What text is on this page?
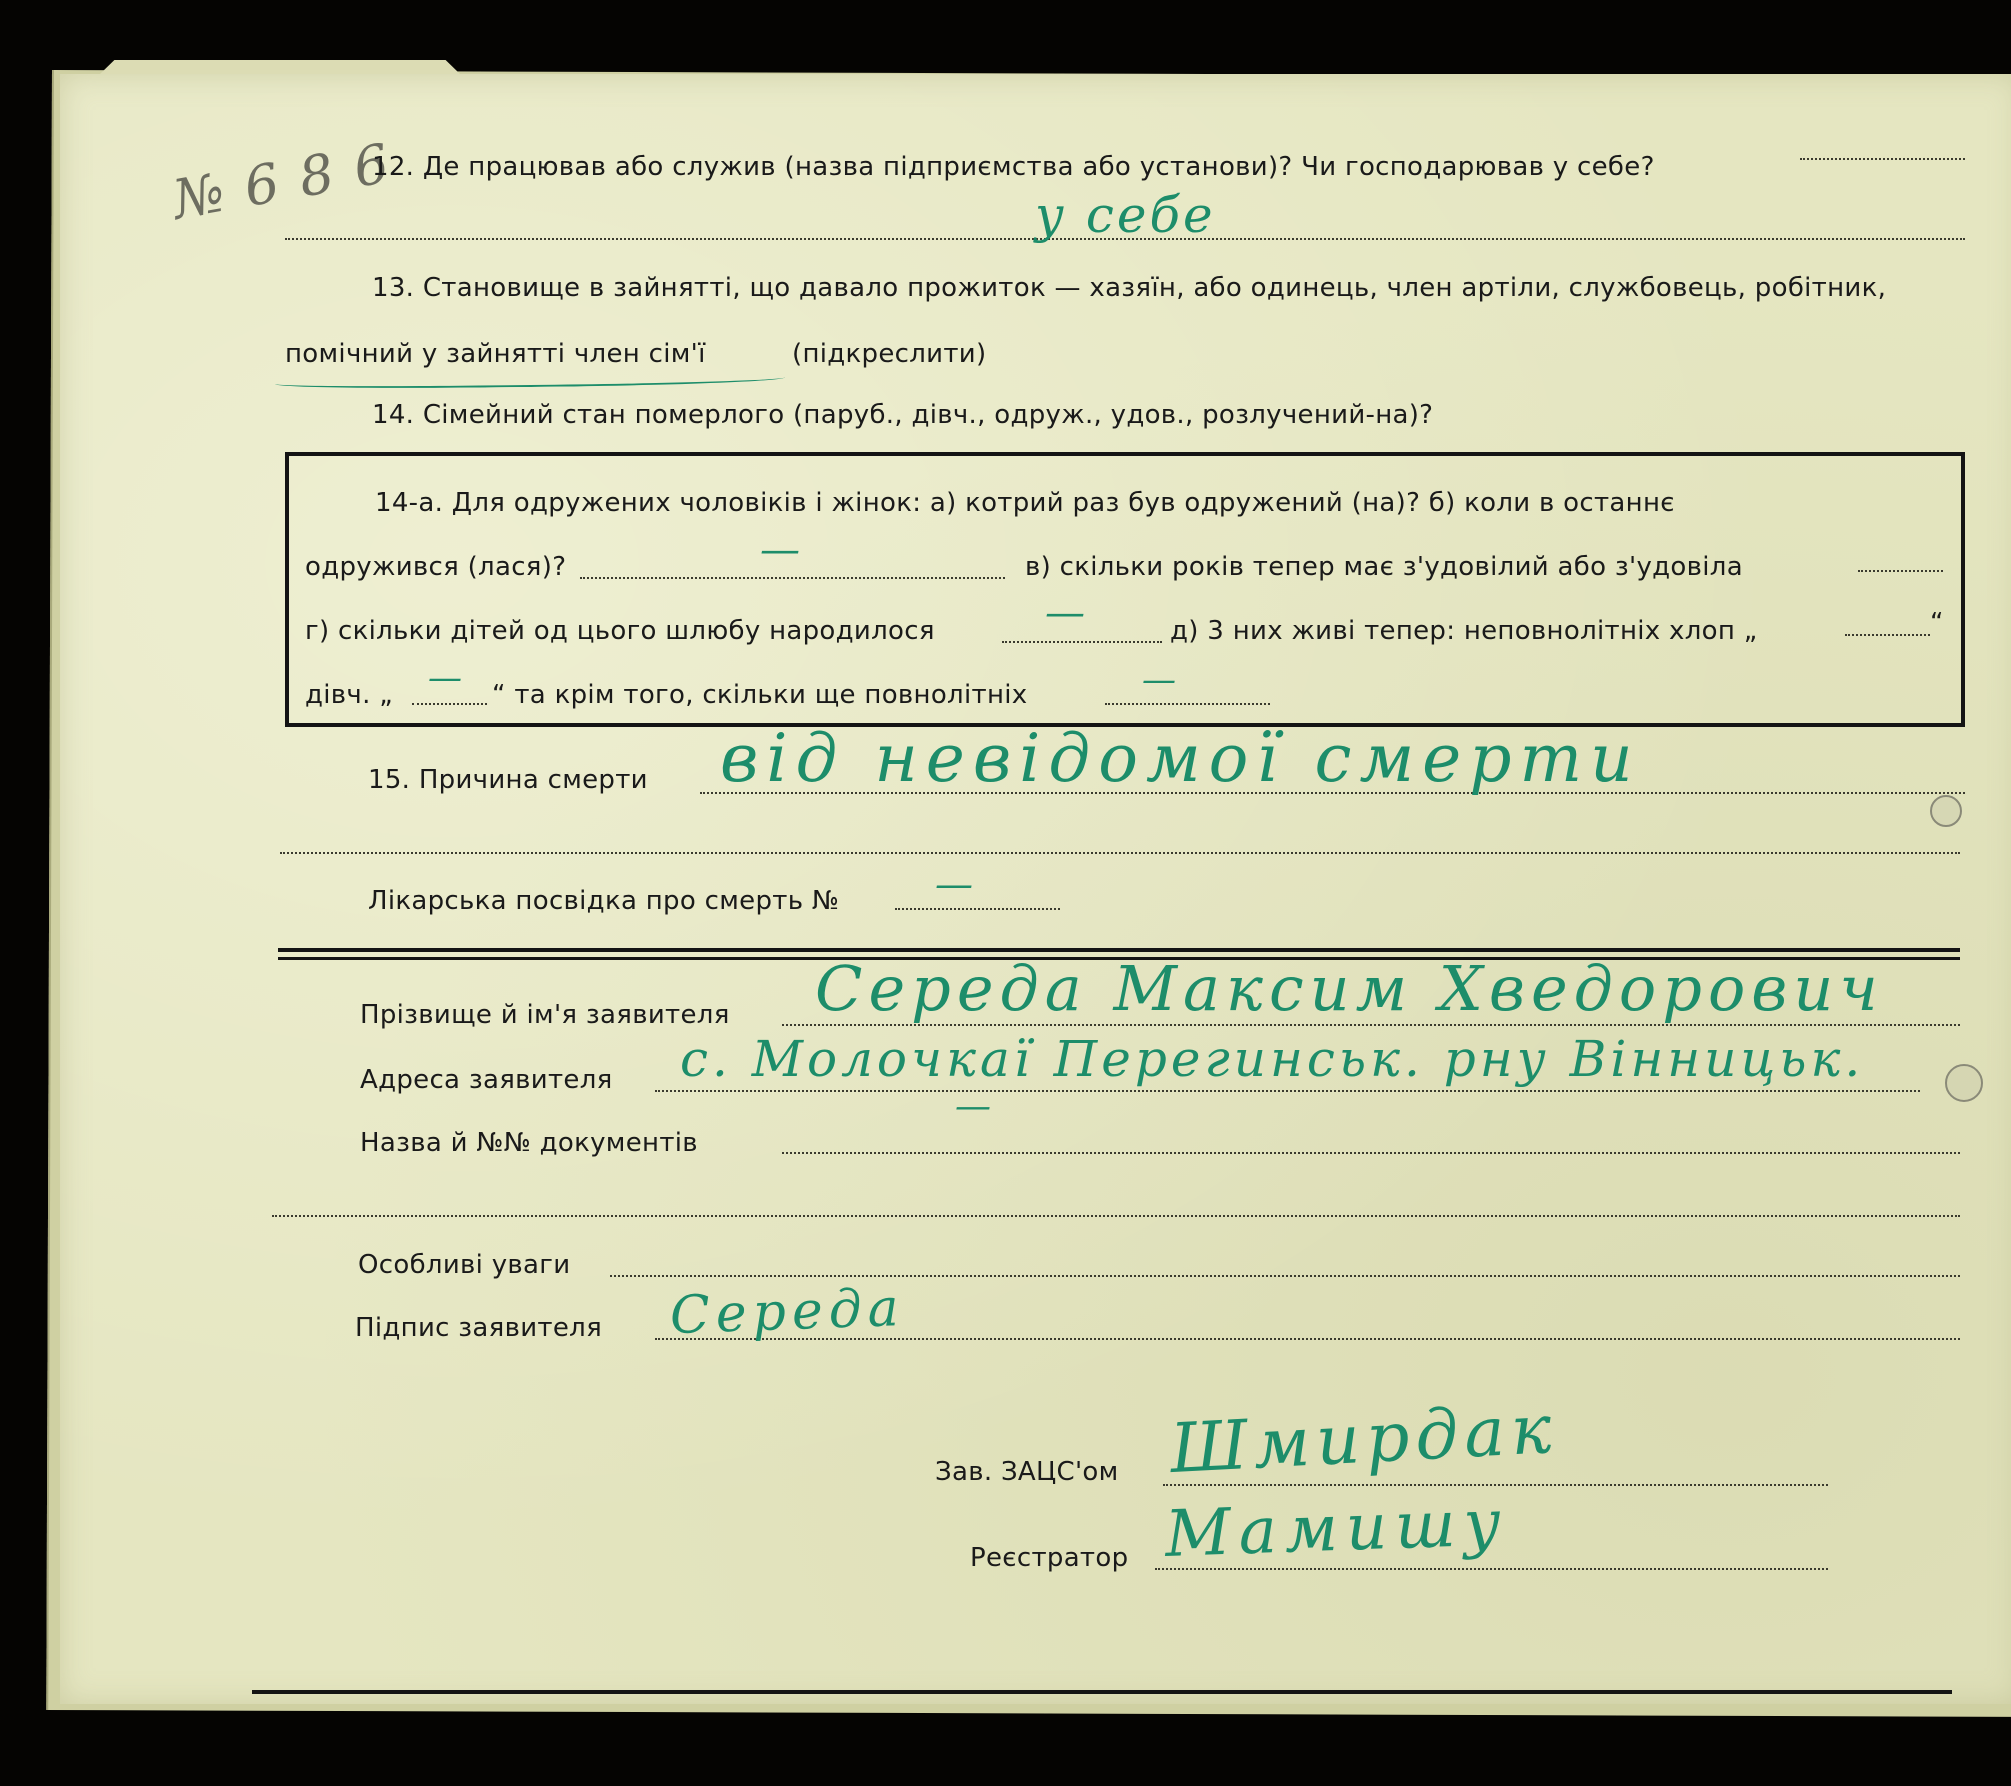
№ 6 8 6
12. Де працював або служив (назва підприємства або установи)? Чи господарював у себе?
у себе
13. Становище в зайнятті, що давало прожиток — хазяїн, або одинець, член артіли, службовець, робітник,
помічний у зайнятті член сім'ї	(підкреслити)
14. Сімейний стан померлого (паруб., дівч., одруж., удов., розлучений-на)?
14-а. Для одружених чоловіків і жінок: а) котрий раз був одружений (на)? б) коли в останнє
одружився (лася)?	—	в) скільки років тепер має з'удовілий або з'удовіла
г) скільки дітей од цього шлюбу народилося	—	д) 3 них живі тепер: неповнолітніх хлоп „	“
дівч. „ — “ та крім того, скільки ще повнолітніх	—
15. Причина смерти від невідомої смерти
Лікарська посвідка про смерть №	—
Прізвище й ім'я заявителя Середа Максим Хведорович
Адреса заявителя с. Молочкаї Перегинськ. рну Вінницьк.
Назва й №№ документів
—
Особливі уваги
Підпис заявителя Середа
Зав. ЗАЦС'ом Шмирдак
Реєстратор Мамишу
